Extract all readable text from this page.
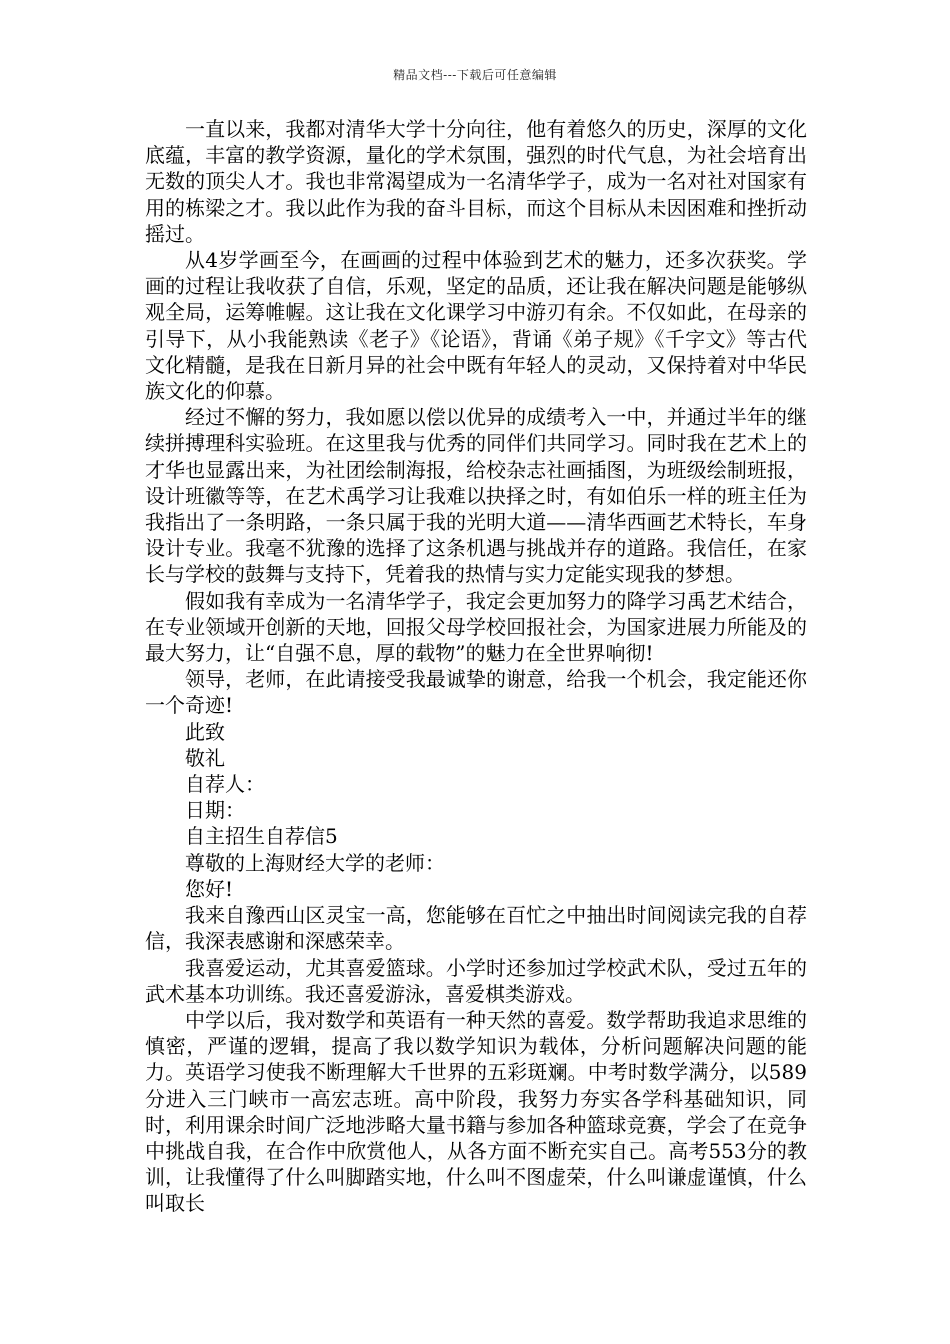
精品文档---下载后可任意编辑

一直以来，我都对清华大学十分向往，他有着悠久的历史，深厚的文化底蕴，丰富的教学资源，量化的学术氛围，强烈的时代气息，为社会培育出无数的顶尖人才。我也非常渴望成为一名清华学子，成为一名对社对国家有用的栋梁之才。我以此作为我的奋斗目标，而这个目标从未因困难和挫折动摇过。

从4岁学画至今，在画画的过程中体验到艺术的魅力，还多次获奖。学画的过程让我收获了自信，乐观，坚定的品质，还让我在解决问题是能够纵观全局，运筹帷幄。这让我在文化课学习中游刃有余。不仅如此，在母亲的引导下，从小我能熟读《老子》《论语》，背诵《弟子规》《千字文》等古代文化精髓，是我在日新月异的社会中既有年轻人的灵动，又保持着对中华民族文化的仰慕。

经过不懈的努力，我如愿以偿以优异的成绩考入一中，并通过半年的继续拼搏理科实验班。在这里我与优秀的同伴们共同学习。同时我在艺术上的才华也显露出来，为社团绘制海报，给校杂志社画插图，为班级绘制班报，设计班徽等等，在艺术禹学习让我难以抉择之时，有如伯乐一样的班主任为我指出了一条明路，一条只属于我的光明大道——清华西画艺术特长，车身设计专业。我毫不犹豫的选择了这条机遇与挑战并存的道路。我信任，在家长与学校的鼓舞与支持下，凭着我的热情与实力定能实现我的梦想。

假如我有幸成为一名清华学子，我定会更加努力的降学习禹艺术结合，在专业领域开创新的天地，回报父母学校回报社会，为国家进展力所能及的最大努力，让“自强不息，厚的载物”的魅力在全世界响彻!

领导，老师，在此请接受我最诚挚的谢意，给我一个机会，我定能还你一个奇迹!

此致

敬礼

自荐人：

日期：

自主招生自荐信5

尊敬的上海财经大学的老师：

您好!

我来自豫西山区灵宝一高，您能够在百忙之中抽出时间阅读完我的自荐信，我深表感谢和深感荣幸。

我喜爱运动，尤其喜爱篮球。小学时还参加过学校武术队，受过五年的武术基本功训练。我还喜爱游泳，喜爱棋类游戏。

中学以后，我对数学和英语有一种天然的喜爱。数学帮助我追求思维的慎密，严谨的逻辑，提高了我以数学知识为载体，分析问题解决问题的能力。英语学习使我不断理解大千世界的五彩斑斓。中考时数学满分，以589分进入三门峡市一高宏志班。高中阶段，我努力夯实各学科基础知识，同时，利用课余时间广泛地涉略大量书籍与参加各种篮球竞赛，学会了在竞争中挑战自我，在合作中欣赏他人，从各方面不断充实自己。高考553分的教训，让我懂得了什么叫脚踏实地，什么叫不图虚荣，什么叫谦虚谨慎，什么叫取长
